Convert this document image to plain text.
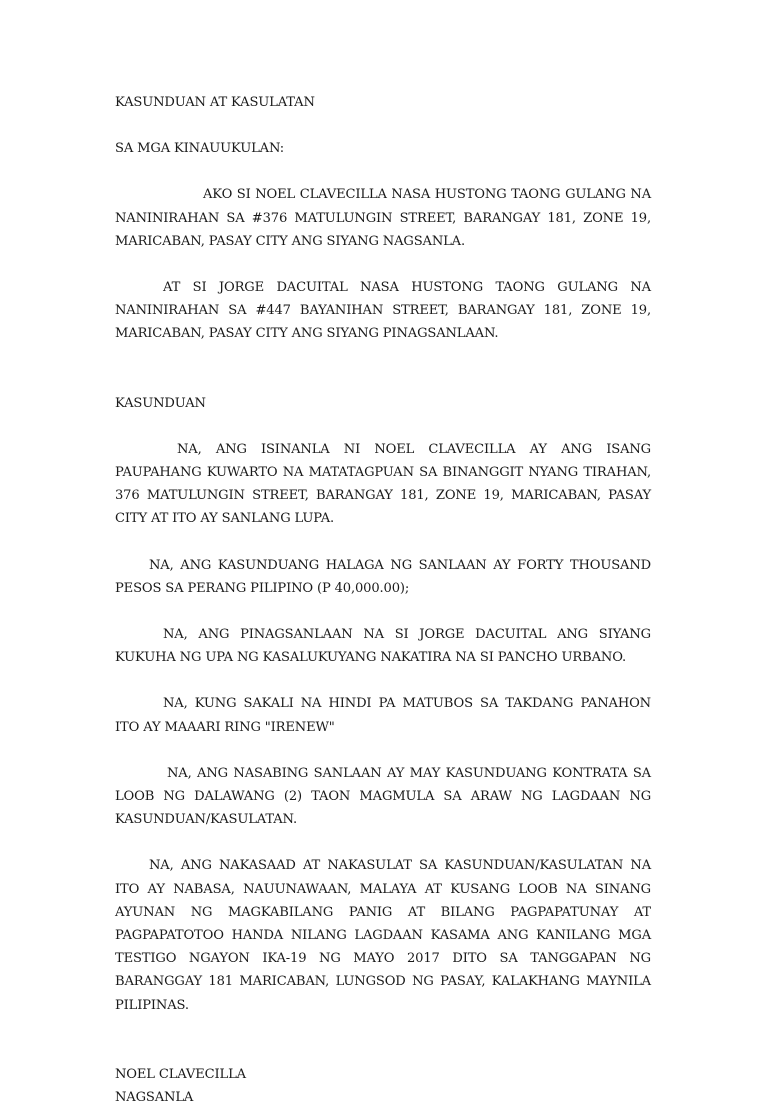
KASUNDUAN AT KASULATAN
SA MGA KINAUUKULAN:

AKO SI NOEL CLAVECILLA NASA HUSTONG TAONG GULANG NA NANINIRAHAN SA #376 MATULUNGIN STREET, BARANGAY 181, ZONE 19, MARICABAN, PASAY CITY ANG SIYANG NAGSANLA.

AT SI JORGE DACUITAL NASA HUSTONG TAONG GULANG NA NANINIRAHAN SA #447 BAYANIHAN STREET, BARANGAY 181, ZONE 19, MARICABAN, PASAY CITY ANG SIYANG PINAGSANLAAN.

KASUNDUAN

NA, ANG ISINANLA NI NOEL CLAVECILLA AY ANG ISANG PAUPAHANG KUWARTO NA MATATAGPUAN SA BINANGGIT NYANG TIRAHAN, 376 MATULUNGIN STREET, BARANGAY 181, ZONE 19, MARICABAN, PASAY CITY AT ITO AY SANLANG LUPA.

NA, ANG KASUNDUANG HALAGA NG SANLAAN AY FORTY THOUSAND PESOS SA PERANG PILIPINO (P 40,000.00);

NA, ANG PINAGSANLAAN NA SI JORGE DACUITAL ANG SIYANG KUKUHA NG UPA NG KASALUKUYANG NAKATIRA NA SI PANCHO URBANO.

NA, KUNG SAKALI NA HINDI PA MATUBOS SA TAKDANG PANAHON ITO AY MAAARI RING "IRENEW"

NA, ANG NASABING SANLAAN AY MAY KASUNDUANG KONTRATA SA LOOB NG DALAWANG (2) TAON MAGMULA SA ARAW NG LAGDAAN NG KASUNDUAN/KASULATAN.

NA, ANG NAKASAAD AT NAKASULAT SA KASUNDUAN/KASULATAN NA ITO AY NABASA, NAUUNAWAAN, MALAYA AT KUSANG LOOB NA SINANG AYUNAN NG MAGKABILANG PANIG AT BILANG PAGPAPATUNAY AT PAGPAPATOTOO HANDA NILANG LAGDAAN KASAMA ANG KANILANG MGA TESTIGO NGAYON IKA-19 NG MAYO 2017 DITO SA TANGGAPAN NG BARANGGAY 181 MARICABAN, LUNGSOD NG PASAY, KALAKHANG MAYNILA PILIPINAS.

NOEL CLAVECILLA
NAGSANLA
